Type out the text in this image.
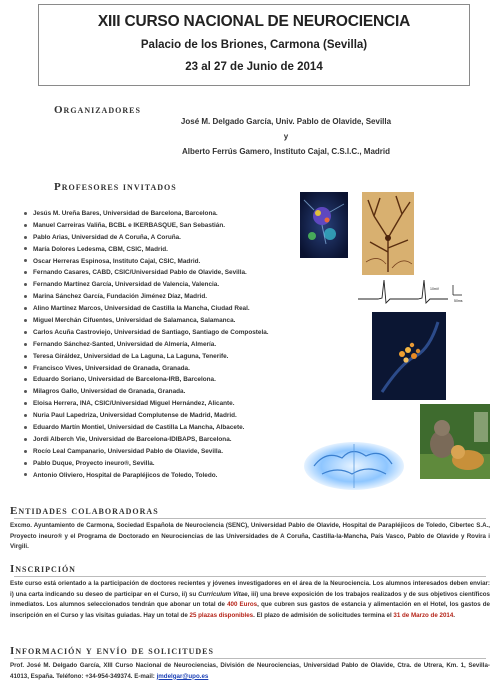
XIII CURSO NACIONAL DE NEUROCIENCIA
Palacio de los Briones, Carmona (Sevilla)
23 al 27 de Junio de 2014
Organizadores
José M. Delgado García, Univ. Pablo de Olavide, Sevilla
y
Alberto Ferrús Gamero, Instituto Cajal, C.S.I.C., Madrid
Profesores invitados
Jesús M. Ureña Bares, Universidad de Barcelona, Barcelona.
Manuel Carreiras Valiña, BCBL e IKERBASQUE, San Sebastián.
Pablo Arias, Universidad de A Coruña, A Coruña.
María Dolores Ledesma, CBM, CSIC, Madrid.
Oscar Herreras Espinosa, Instituto Cajal, CSIC, Madrid.
Fernando Casares, CABD, CSIC/Universidad Pablo de Olavide, Sevilla.
Fernando Martínez García, Universidad de Valencia, Valencia.
Marina Sánchez García, Fundación Jiménez Díaz, Madrid.
Alino Martínez Marcos, Universidad de Castilla la Mancha, Ciudad Real.
Miguel Merchán Cifuentes, Universidad de Salamanca, Salamanca.
Carlos Acuña Castroviejo, Universidad de Santiago, Santiago de Compostela.
Fernando Sánchez-Santed, Universidad de Almería, Almería.
Teresa Giráldez, Universidad de La Laguna, La Laguna, Tenerife.
Francisco Vives, Universidad de Granada, Granada.
Eduardo Soriano, Universidad de Barcelona-IRB, Barcelona.
Milagros Gallo, Universidad de Granada, Granada.
Eloisa Herrera, INA, CSIC/Universidad Miguel Hernández, Alicante.
Nuria Paul Lapedriza, Universidad Complutense de Madrid, Madrid.
Eduardo Martín Montiel, Universidad de Castilla La Mancha, Albacete.
Jordi Alberch Vie, Universidad de Barcelona-IDIBAPS, Barcelona.
Rocío Leal Campanario, Universidad Pablo de Olavide, Sevilla.
Pablo Duque, Proyecto ineuro®, Sevilla.
Antonio Oliviero, Hospital de Parapléjicos de Toledo, Toledo.
10mV
50ms
Entidades colaboradoras
Excmo. Ayuntamiento de Carmona, Sociedad Española de Neurociencia (SENC), Universidad Pablo de Olavide, Hospital de Parapléjicos de Toledo, Cibertec S.A., Proyecto ineuro® y el Programa de Doctorado en Neurociencias de las Universidades de A Coruña, Castilla-la-Mancha, País Vasco, Pablo de Olavide y Rovira i Virgili.
Inscripción
Este curso está orientado a la participación de doctores recientes y jóvenes investigadores en el área de la Neurociencia. Los alumnos interesados deben enviar: i) una carta indicando su deseo de participar en el Curso, ii) su Curriculum Vitae, iii) una breve exposición de los trabajos realizados y de sus objetivos científicos inmediatos. Los alumnos seleccionados tendrán que abonar un total de 400 Euros, que cubren sus gastos de estancia y alimentación en el Hotel, los gastos de inscripción en el Curso y las visitas guiadas. Hay un total de 25 plazas disponibles. El plazo de admisión de solicitudes termina el 31 de Marzo de 2014.
Información y envío de solicitudes
Prof. José M. Delgado García, XIII Curso Nacional de Neurociencias, División de Neurociencias, Universidad Pablo de Olavide, Ctra. de Utrera, Km. 1, Sevilla-41013, España. Teléfono: +34-954-349374. E-mail: jmdelgar@upo.es
